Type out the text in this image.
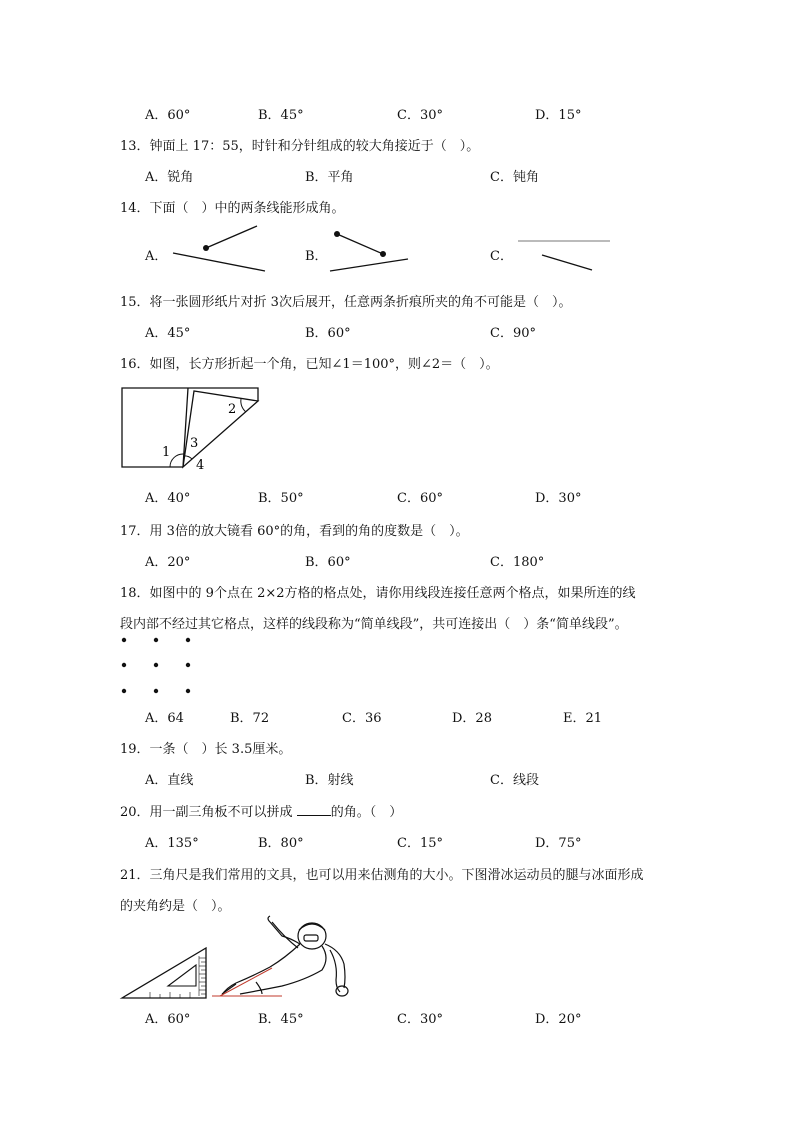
A．60°	B．45°	C．30°	D．15°
13．钟面上 17：55，时针和分针组成的较大角接近于（　）。
A．锐角	B．平角	C．钝角
14．下面（　）中的两条线能形成角。
A．	B．	C．
15．将一张圆形纸片对折 3次后展开，任意两条折痕所夹的角不可能是（　）。
A．45°	B．60°	C．90°
16．如图，长方形折起一个角，已知∠1＝100°，则∠2＝（　）。
1
2
3
4
A．40°	B．50°	C．60°	D．30°
17．用 3倍的放大镜看 60°的角，看到的角的度数是（　）。
A．20°	B．60°	C．180°
18．如图中的 9个点在 2×2方格的格点处，请你用线段连接任意两个格点，如果所连的线
段内部不经过其它格点，这样的线段称为“简单线段”，共可连接出（　）条“简单线段”。
A．64	B．72	C．36	D．28	E．21
19．一条（　）长 3.5厘米。
A．直线	B．射线	C．线段
20．用一副三角板不可以拼成	的角。（　）
A．135°	B．80°	C．15°	D．75°
21．三角尺是我们常用的文具，也可以用来估测角的大小。下图滑冰运动员的腿与冰面形成
的夹角约是（　）。
A．60°	B．45°	C．30°	D．20°
